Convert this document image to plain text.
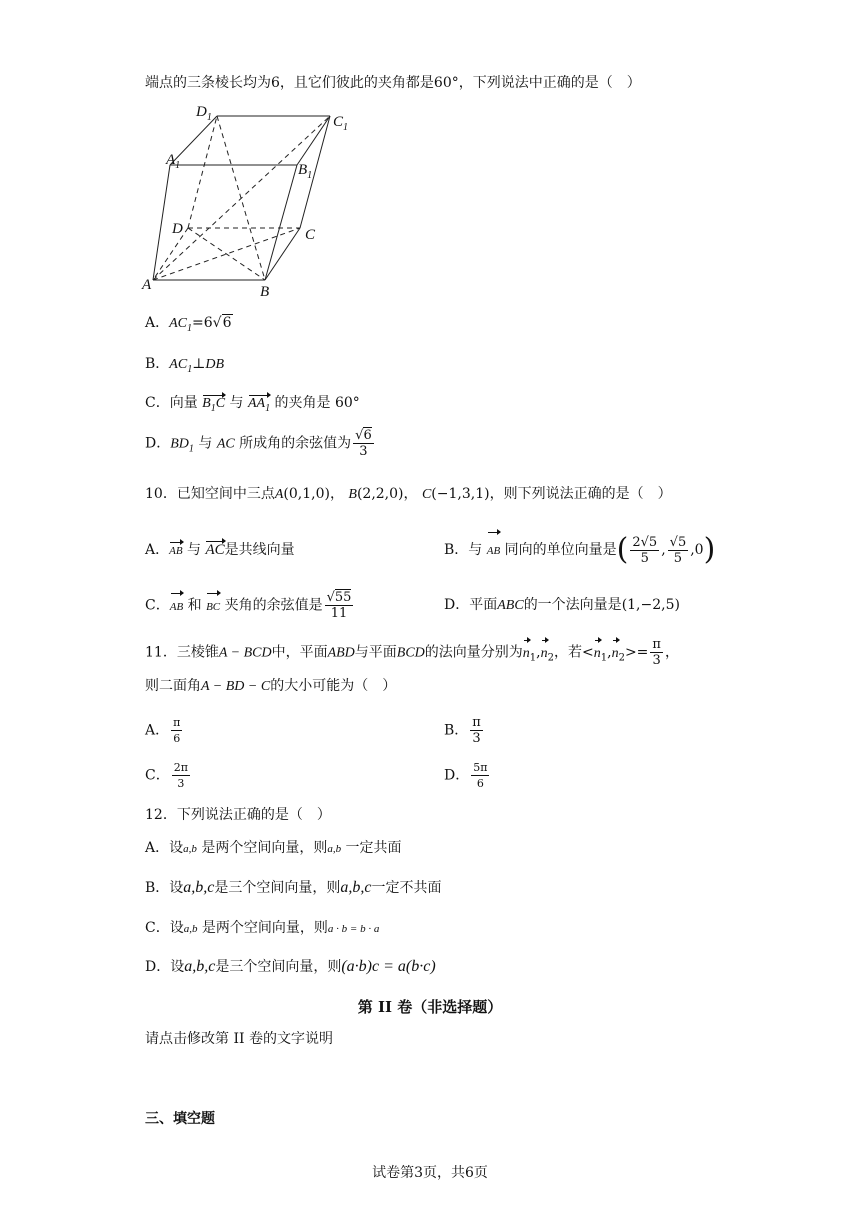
端点的三条棱长均为6，且它们彼此的夹角都是60°，下列说法中正确的是（　）
$D_1$	$C_1$
$A_1$	$B_1$
D	C
A	B
A．$AC_1=6√6$
B．$AC_1\perp DB$
C．向量 $B_1C$ 与 $AA_1$ 的夹角是 60°
D．$BD_1$ 与 AC 所成角的余弦值为 $\frac{√6}{3}$
10．已知空间中三点A(0,1,0)， B(2,2,0)， C(−1,3,1)，则下列说法正确的是（　）
A．AB 与 AC是共线向量	B．与 AB 同向的单位向量是( $\frac{2√5}{5}$ , $\frac{√5}{5} ,0$)
C．AB 和 BC 夹角的余弦值是 $\frac{√55}{11}$	D．平面ABC的一个法向量是(1,−2,5)
11．三棱锥A − BCD中，平面ABD与平面BCD的法向量分别为$n_1,n_2$，若$<n_1,n_2>= \frac{\pi}{3}$ ，
则二面角A − BD − C的大小可能为（　）
A． $\frac{\pi}{6}$	B． $\frac{\pi}{3}$
C． $\frac{2\pi}{3}$	D． $\frac{5\pi}{6}$
12．下列说法正确的是（　）
A．设a,b 是两个空间向量，则a,b 一定共面
B．设a,b,c是三个空间向量，则a,b,c一定不共面
C．设a,b 是两个空间向量，则a · b = b · a
D．设a,b,c是三个空间向量，则(a·b)c = a(b·c)
第 II 卷（非选择题）
请点击修改第 II 卷的文字说明
三、填空题
试卷第3页，共6页
